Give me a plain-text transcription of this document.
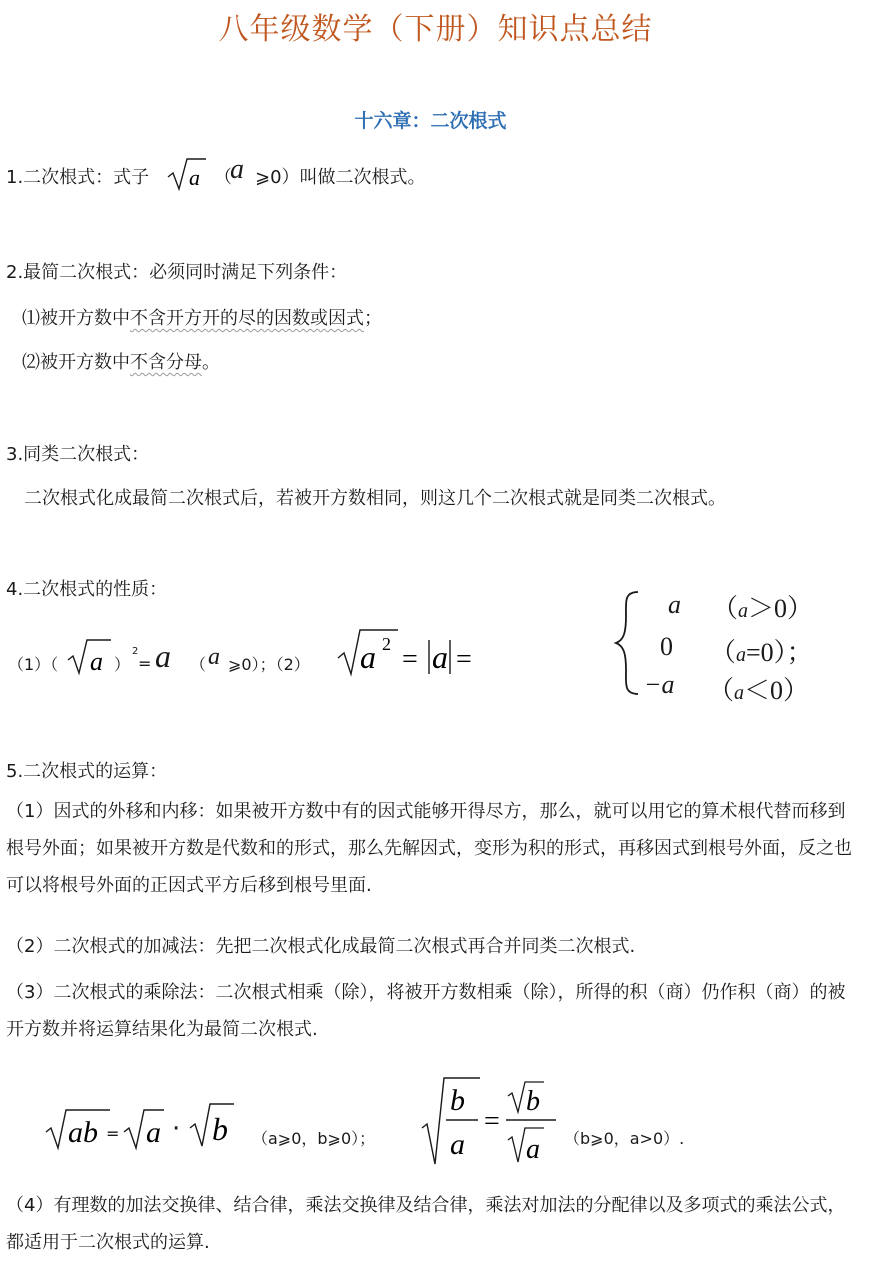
八年级数学（下册）知识点总结
十六章：二次根式
1.二次根式：式子 a （
a ⩾0）叫做二次根式。
2.最简二次根式：必须同时满足下列条件：
⑴被开方数中不含开方开的尽的因数或因式；
⑵被开方数中不含分母。
3.同类二次根式：
二次根式化成最简二次根式后，若被开方数相同，则这几个二次根式就是同类二次根式。
4.二次根式的性质：
（1）（ a ）
2
= a （ a ⩾0）；（2） a 2 = a =
a （a＞0）
0 （a=0）；
−a （a＜0）
5.二次根式的运算：
（1）因式的外移和内移：如果被开方数中有的因式能够开得尽方，那么，就可以用它的算术根代替而移到根号外面；如果被开方数是代数和的形式，那么先解因式，变形为积的形式，再移因式到根号外面，反之也可以将根号外面的正因式平方后移到根号里面.
（2）二次根式的加减法：先把二次根式化成最简二次根式再合并同类二次根式.
（3）二次根式的乘除法：二次根式相乘（除），将被开方数相乘（除），所得的积（商）仍作积（商）的被开方数并将运算结果化为最简二次根式.
ab = a · b （a⩾0，b⩾0）；
b
a
=
b
a （b⩾0，a>0）.
（4）有理数的加法交换律、结合律，乘法交换律及结合律，乘法对加法的分配律以及多项式的乘法公式，都适用于二次根式的运算.
